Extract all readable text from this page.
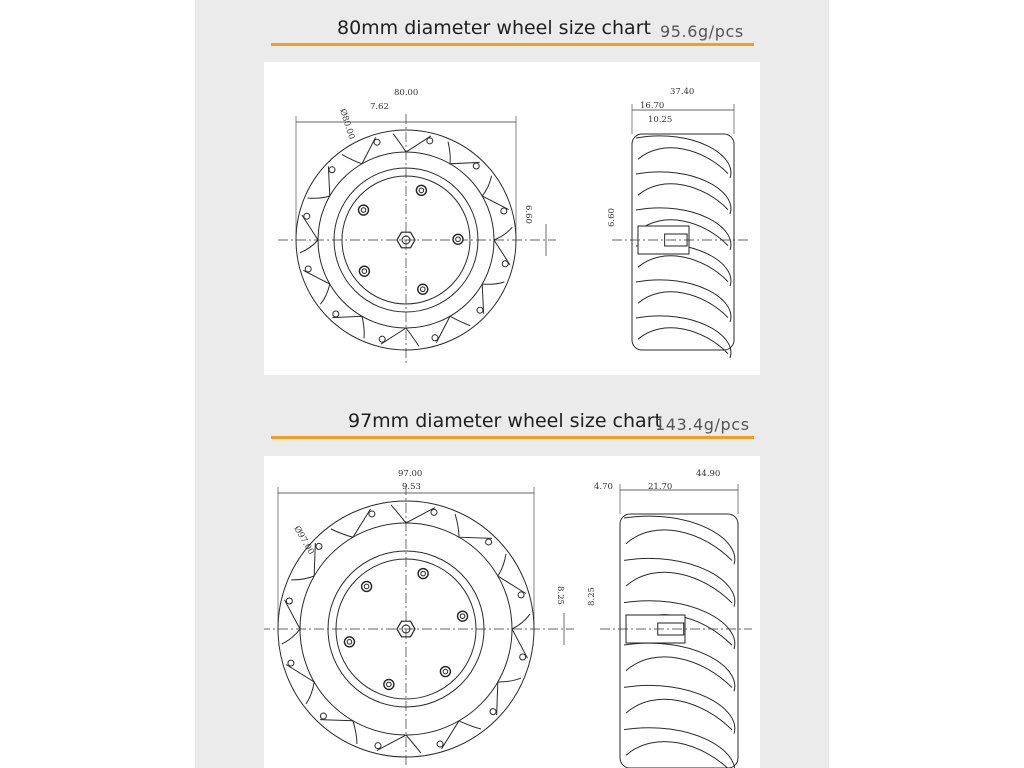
80mm diameter wheel size chart 95.6g/pcs
80.00
7.62
Ø80.00
6.60
37.40
16.70
10.25
6.60
97mm diameter wheel size chart
143.4g/pcs
97.00
9.53
Ø97.00
8.25
44.90
4.70	21.70
8.25
